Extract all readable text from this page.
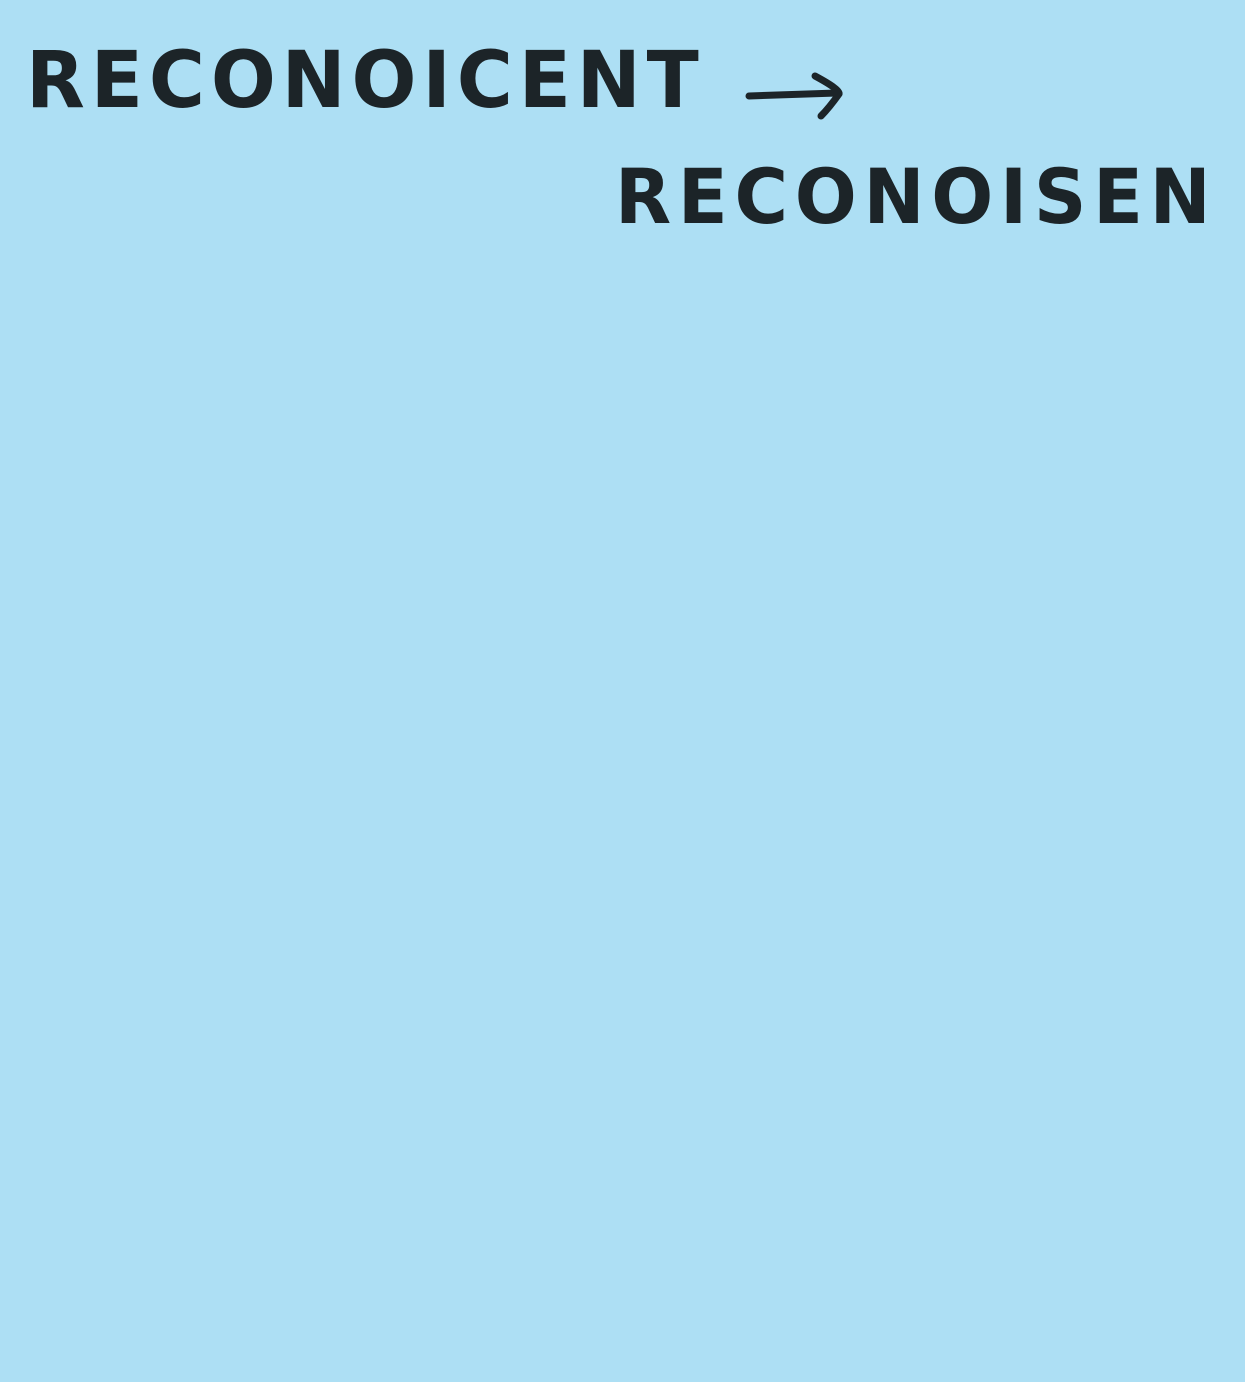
RECONOICENT

RECONOISEN
